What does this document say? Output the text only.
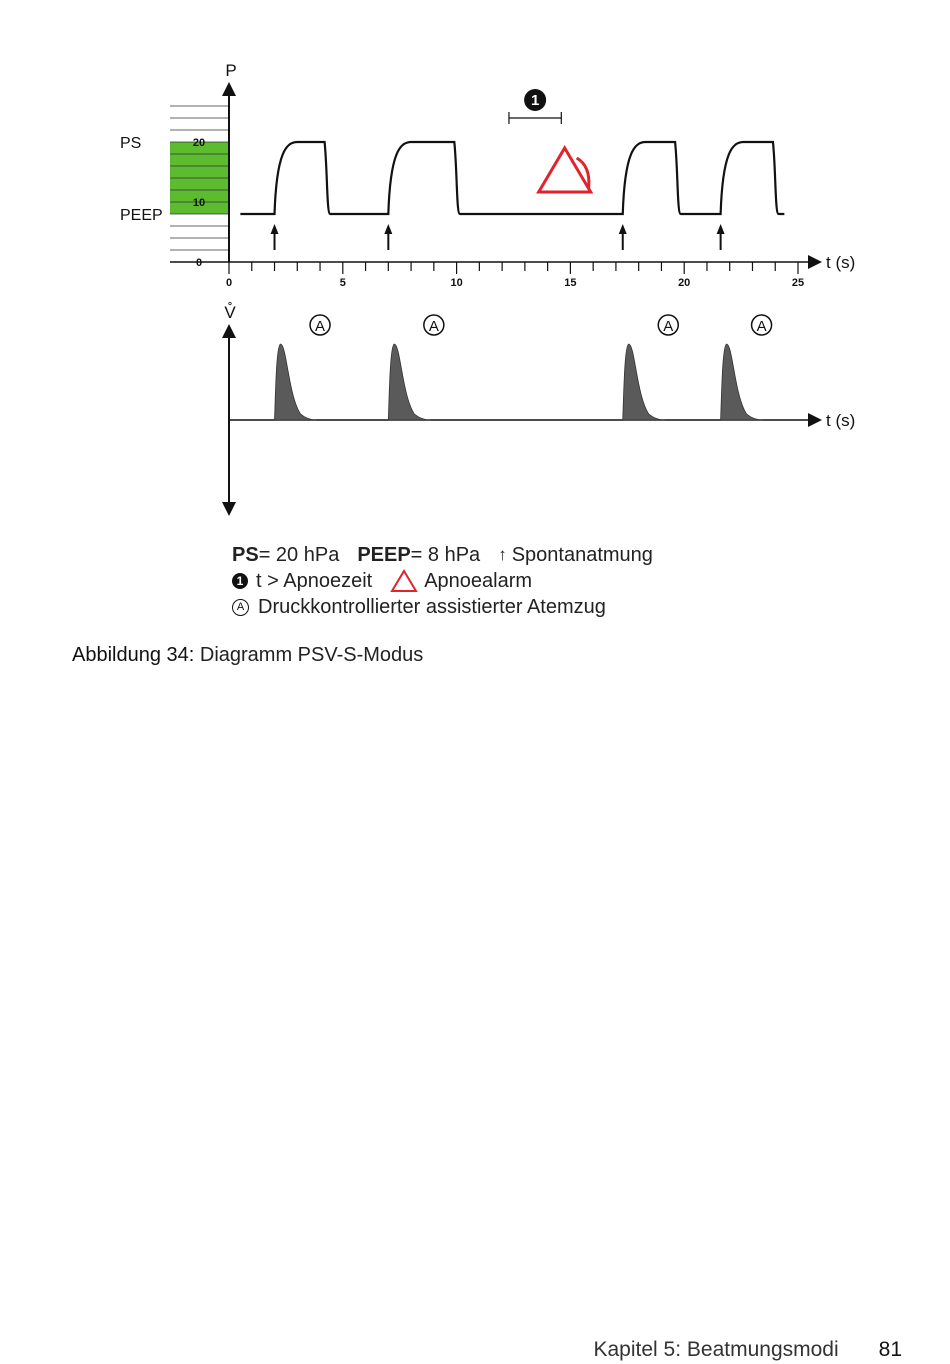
P
t (s)
PS
PEEP
0
10
20
0	5	10	15	20	25
1
V̊
t (s)
A	A	A	A
PS = 20 hPa PEEP = 8 hPa ↑ Spontanatmung
1 t > Apnoezeit	Apnoealarm
A Druckkontrollierter assistierter Atemzug
Abbildung 34: Diagramm PSV-S-Modus
Kapitel 5: Beatmungsmodi 81
